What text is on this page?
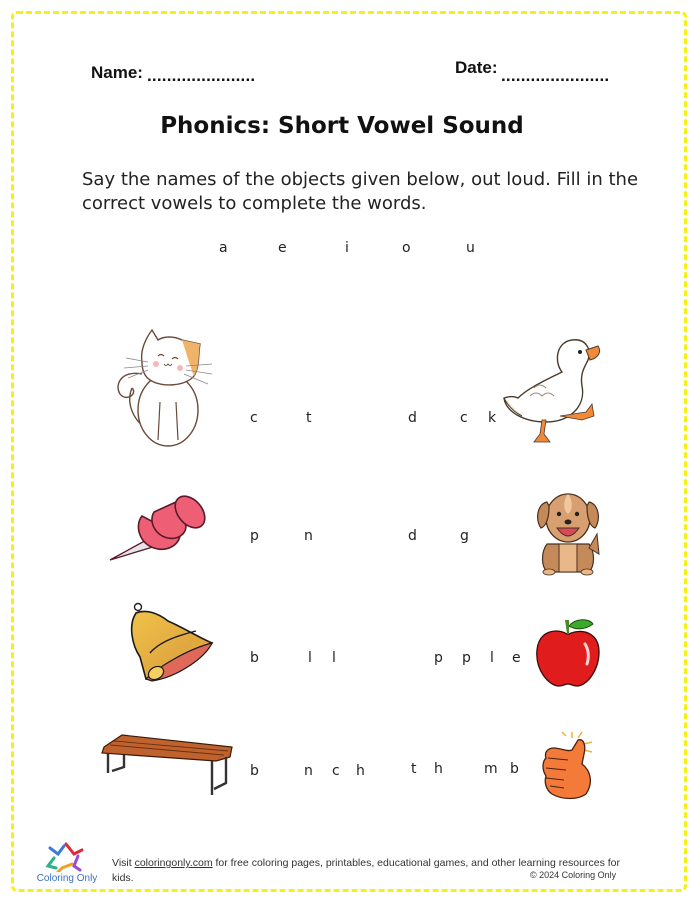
Name: ......................	Date: ......................
Phonics: Short Vowel Sound
Say the names of the objects given below, out loud. Fill in the correct vowels to complete the words.
a	e	i	o	u
c	t	d	c k
p	n	d	g
b	l l	p p l e
b	n c h	t h	m b
Coloring Only
Visit coloringonly.com for free coloring pages, printables, educational games, and other learning resources for kids.	© 2024 Coloring Only
